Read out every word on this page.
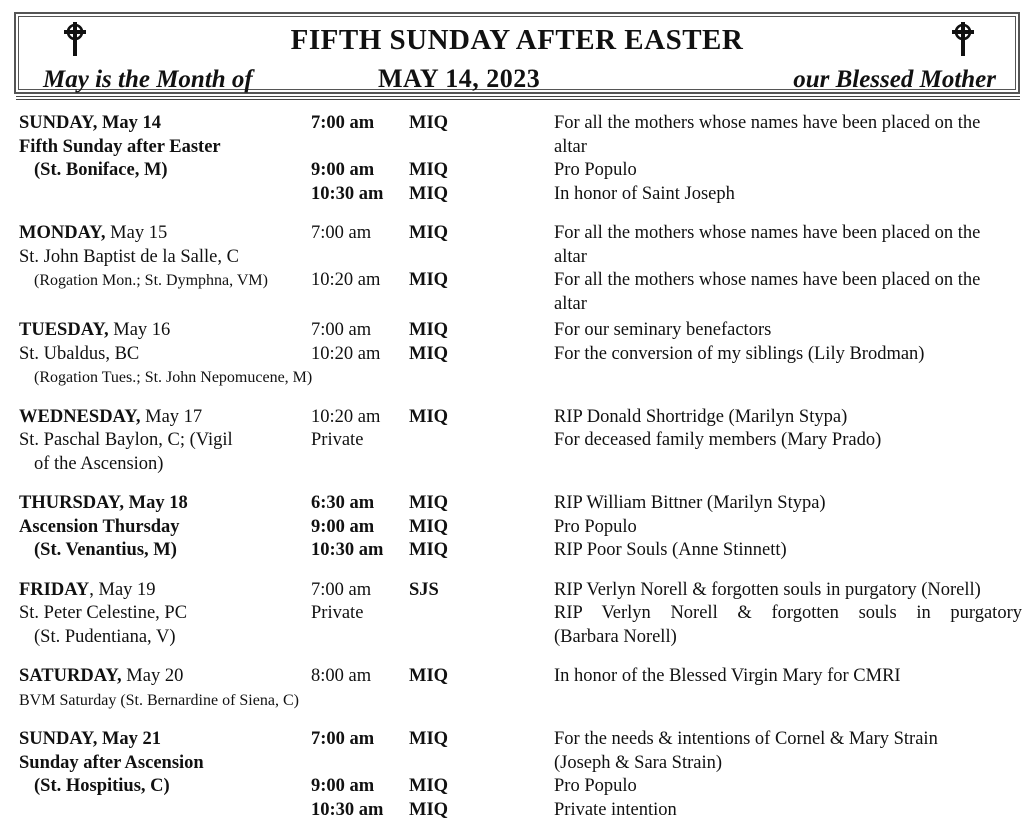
FIFTH SUNDAY AFTER EASTER
May is the Month of	MAY 14, 2023	our Blessed Mother
SUNDAY, May 14	7:00 am MIQ	For all the mothers whose names have been placed on the
Fifth Sunday after Easter	altar
(St. Boniface, M)	9:00 am MIQ	Pro Populo
10:30 am MIQ	In honor of Saint Joseph
MONDAY, May 15	7:00 am MIQ	For all the mothers whose names have been placed on the
St. John Baptist de la Salle, C	altar
(Rogation Mon.; St. Dymphna, VM) 10:20 am MIQ	For all the mothers whose names have been placed on the
altar
TUESDAY, May 16	7:00 am MIQ	For our seminary benefactors
St. Ubaldus, BC	10:20 am MIQ	For the conversion of my siblings (Lily Brodman)
(Rogation Tues.; St. John Nepomucene, M)
WEDNESDAY, May 17	10:20 am MIQ	RIP Donald Shortridge (Marilyn Stypa)
St. Paschal Baylon, C; (Vigil	Private	For deceased family members (Mary Prado)
of the Ascension)
THURSDAY, May 18	6:30 am MIQ	RIP William Bittner (Marilyn Stypa)
Ascension Thursday	9:00 am MIQ	Pro Populo
(St. Venantius, M)	10:30 am MIQ	RIP Poor Souls (Anne Stinnett)
FRIDAY, May 19	7:00 am SJS	RIP Verlyn Norell & forgotten souls in purgatory (Norell)
St. Peter Celestine, PC	Private	RIP Verlyn Norell & forgotten souls in purgatory
(St. Pudentiana, V)	(Barbara Norell)
SATURDAY, May 20	8:00 am MIQ	In honor of the Blessed Virgin Mary for CMRI
BVM Saturday (St. Bernardine of Siena, C)
SUNDAY, May 21	7:00 am MIQ	For the needs & intentions of Cornel & Mary Strain
Sunday after Ascension	(Joseph & Sara Strain)
(St. Hospitius, C)	9:00 am MIQ	Pro Populo
10:30 am MIQ	Private intention
